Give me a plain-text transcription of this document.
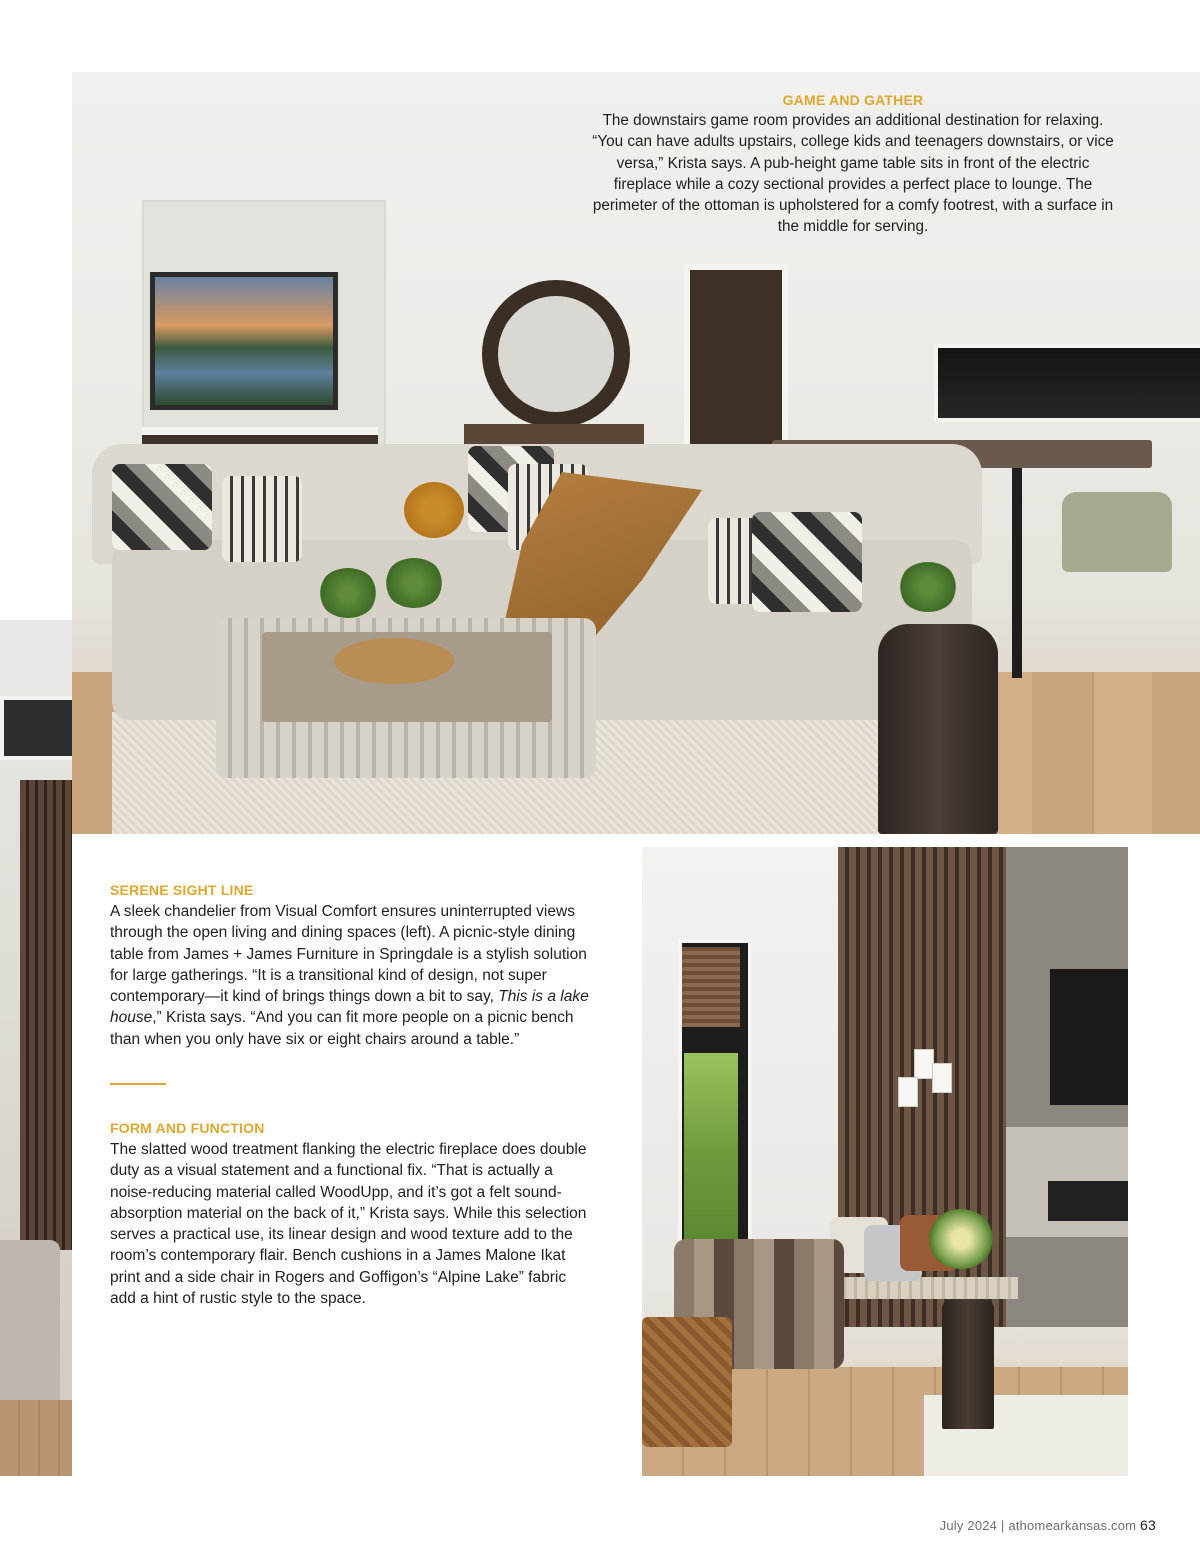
GAME AND GATHER
The downstairs game room provides an additional destination for relaxing. “You can have adults upstairs, college kids and teenagers downstairs, or vice versa,” Krista says. A pub-height game table sits in front of the electric fireplace while a cozy sectional provides a perfect place to lounge. The perimeter of the ottoman is upholstered for a comfy footrest, with a surface in the middle for serving.
SERENE SIGHT LINE
A sleek chandelier from Visual Comfort ensures uninterrupted views through the open living and dining spaces (left). A picnic-style dining table from James + James Furniture in Springdale is a stylish solution for large gatherings. “It is a transitional kind of design, not super contemporary—it kind of brings things down a bit to say, This is a lake house,” Krista says. “And you can fit more people on a picnic bench than when you only have six or eight chairs around a table.”
FORM AND FUNCTION
The slatted wood treatment flanking the electric fireplace does double duty as a visual statement and a functional fix. “That is actually a noise-reducing material called WoodUpp, and it’s got a felt sound-absorption material on the back of it,” Krista says. While this selection serves a practical use, its linear design and wood texture add to the room’s contemporary flair. Bench cushions in a James Malone Ikat print and a side chair in Rogers and Goffigon’s “Alpine Lake” fabric add a hint of rustic style to the space.
July 2024 | athomearkansas.com 63
